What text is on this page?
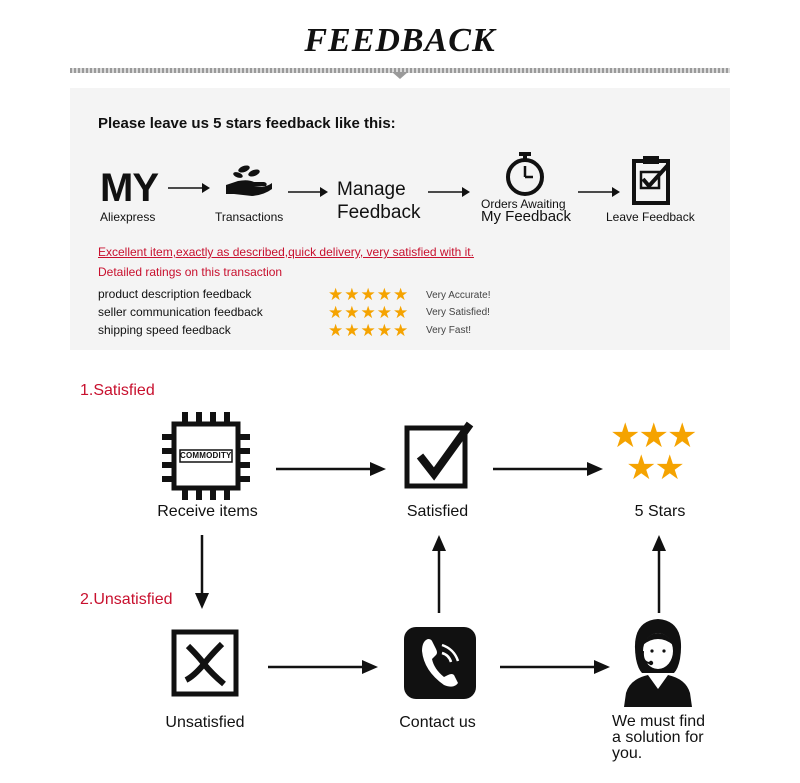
FEEDBACK
Please leave us 5 stars feedback like this:
MY
Aliexpress	Transactions
Manage
Feedback	Orders Awaiting
My Feedback	Leave Feedback
Excellent item,exactly as described,quick delivery, very satisfied with it.
Detailed ratings on this transaction
product description feedback	★★★★★ Very Accurate!
seller communication feedback	★★★★★ Very Satisfied!
shipping speed feedback	★★★★★ Very Fast!
1.Satisfied
2.Unsatisfied
COMMODITY
Receive items	Satisfied
★★★
★★
5 Stars
Unsatisfied	Contact us	We must find
a solution for
you.
